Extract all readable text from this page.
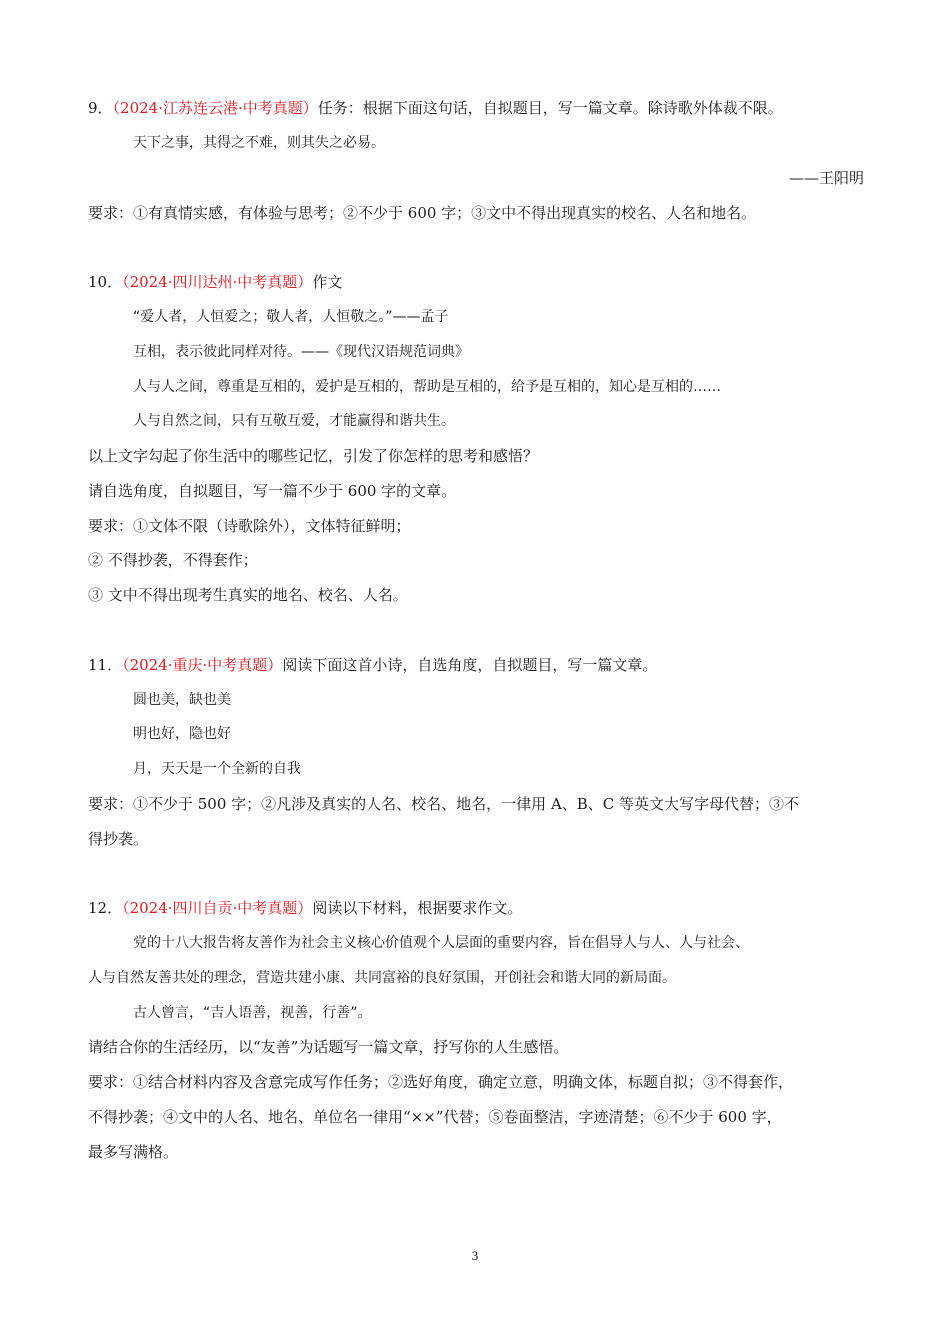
9．（2024·江苏连云港·中考真题）任务：根据下面这句话，自拟题目，写一篇文章。除诗歌外体裁不限。
天下之事，其得之不难，则其失之必易。
——王阳明
要求：①有真情实感，有体验与思考；②不少于 600 字；③文中不得出现真实的校名、人名和地名。
10．（2024·四川达州·中考真题）作文
“爱人者，人恒爱之；敬人者，人恒敬之。”——孟子
互相，表示彼此同样对待。——《现代汉语规范词典》
人与人之间，尊重是互相的，爱护是互相的，帮助是互相的，给予是互相的，知心是互相的……
人与自然之间，只有互敬互爱，才能赢得和谐共生。
以上文字勾起了你生活中的哪些记忆，引发了你怎样的思考和感悟？
请自选角度，自拟题目，写一篇不少于 600 字的文章。
要求：①文体不限（诗歌除外），文体特征鲜明；
② 不得抄袭，不得套作；
③ 文中不得出现考生真实的地名、校名、人名。
11．（2024·重庆·中考真题）阅读下面这首小诗，自选角度，自拟题目，写一篇文章。
圆也美，缺也美
明也好，隐也好
月，天天是一个全新的自我
要求：①不少于 500 字；②凡涉及真实的人名、校名、地名，一律用 A、B、C 等英文大写字母代替；③不
得抄袭。
12．（2024·四川自贡·中考真题）阅读以下材料，根据要求作文。
党的十八大报告将友善作为社会主义核心价值观个人层面的重要内容，旨在倡导人与人、人与社会、
人与自然友善共处的理念，营造共建小康、共同富裕的良好氛围，开创社会和谐大同的新局面。
古人曾言，“吉人语善，视善，行善”。
请结合你的生活经历，以“友善”为话题写一篇文章，抒写你的人生感悟。
要求：①结合材料内容及含意完成写作任务；②选好角度，确定立意，明确文体，标题自拟；③不得套作，
不得抄袭；④文中的人名、地名、单位名一律用“××”代替；⑤卷面整洁，字迹清楚；⑥不少于 600 字，
最多写满格。
3
